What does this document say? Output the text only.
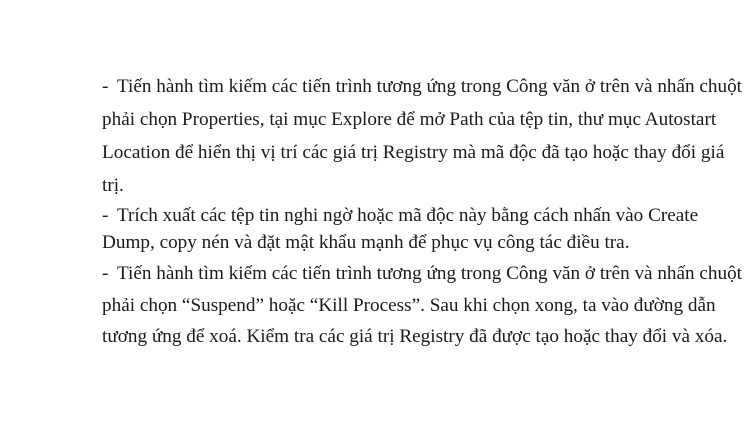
- Tiến hành tìm kiếm các tiến trình tương ứng trong Công văn ở trên và nhấn chuột
phải chọn Properties, tại mục Explore để mở Path của tệp tin, thư mục Autostart
Location để hiển thị vị trí các giá trị Registry mà mã độc đã tạo hoặc thay đổi giá
trị.
- Trích xuất các tệp tin nghi ngờ hoặc mã độc này bằng cách nhấn vào Create
Dump, copy nén và đặt mật khẩu mạnh để phục vụ công tác điều tra.
- Tiến hành tìm kiếm các tiến trình tương ứng trong Công văn ở trên và nhấn chuột
phải chọn “Suspend” hoặc “Kill Process”. Sau khi chọn xong, ta vào đường dẫn
tương ứng để xoá. Kiểm tra các giá trị Registry đã được tạo hoặc thay đổi và xóa.
